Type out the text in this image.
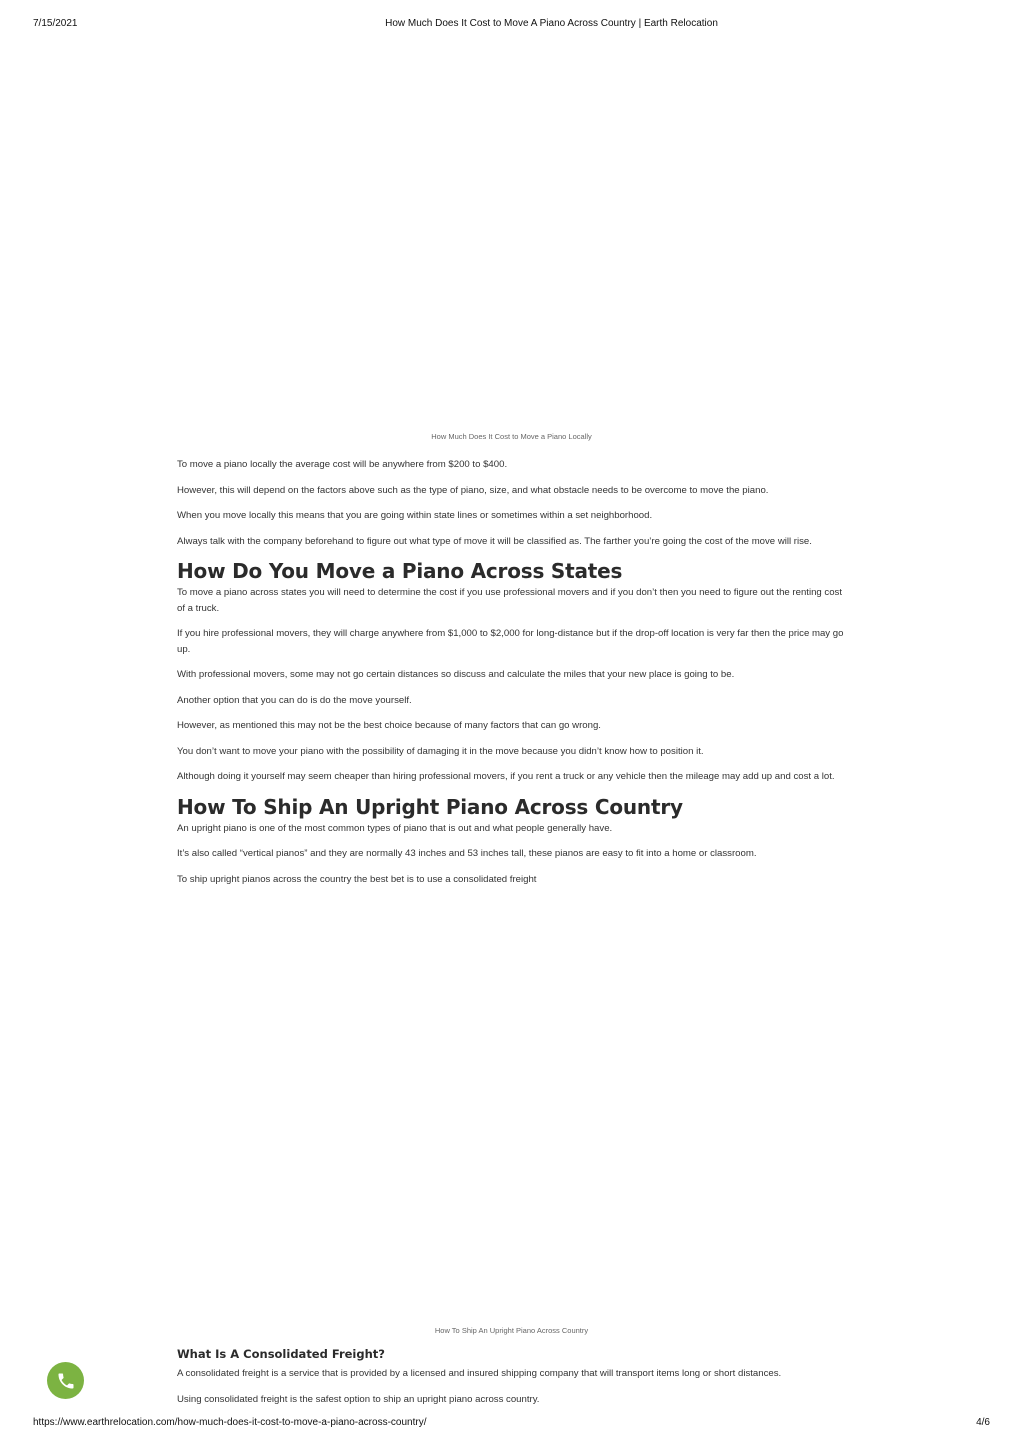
7/15/2021	How Much Does It Cost to Move A Piano Across Country | Earth Relocation
How Much Does It Cost to Move a Piano Locally

To move a piano locally the average cost will be anywhere from $200 to $400.

However, this will depend on the factors above such as the type of piano, size, and what obstacle needs to be overcome to move the piano.

When you move locally this means that you are going within state lines or sometimes within a set neighborhood.

Always talk with the company beforehand to figure out what type of move it will be classified as. The farther you’re going the cost of the move will rise.

How Do You Move a Piano Across States

To move a piano across states you will need to determine the cost if you use professional movers and if you don’t then you need to figure out the renting cost of a truck.

If you hire professional movers, they will charge anywhere from $1,000 to $2,000 for long-distance but if the drop-off location is very far then the price may go up.

With professional movers, some may not go certain distances so discuss and calculate the miles that your new place is going to be.

Another option that you can do is do the move yourself.

However, as mentioned this may not be the best choice because of many factors that can go wrong.

You don’t want to move your piano with the possibility of damaging it in the move because you didn’t know how to position it.

Although doing it yourself may seem cheaper than hiring professional movers, if you rent a truck or any vehicle then the mileage may add up and cost a lot.

How To Ship An Upright Piano Across Country

An upright piano is one of the most common types of piano that is out and what people generally have.

It’s also called “vertical pianos” and they are normally 43 inches and 53 inches tall, these pianos are easy to fit into a home or classroom.

To ship upright pianos across the country the best bet is to use a consolidated freight

How To Ship An Upright Piano Across Country
What Is A Consolidated Freight?

A consolidated freight is a service that is provided by a licensed and insured shipping company that will transport items long or short distances.

Using consolidated freight is the safest option to ship an upright piano across country.

https://www.earthrelocation.com/how-much-does-it-cost-to-move-a-piano-across-country/	4/6
